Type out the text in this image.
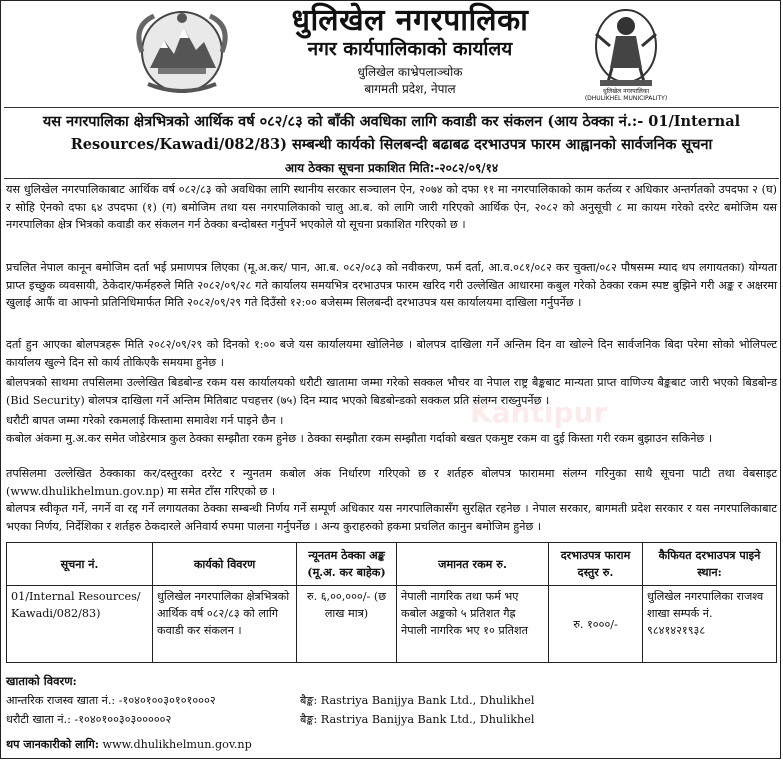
धुलिखेल नगरपालिका
नगर कार्यपालिकाको कार्यालय
धुलिखेल काभ्रेपलाञ्चोक
बागमती प्रदेश, नेपाल	धुलिखेल नगरपालिका
(DHULIKHEL MUNICIPALITY)
यस नगरपालिका क्षेत्रभित्रको आर्थिक वर्ष ०८२/८३ को बाँकी अवधिका लागि कवाडी कर संकलन (आय ठेक्का नं.:- 01/Internal Resources/Kawadi/082/83) सम्बन्धी कार्यको सिलबन्दी बढाबढ दरभाउपत्र फारम आह्वानको सार्वजनिक सूचना
आय ठेक्का सूचना प्रकाशित मिति:-२०८२/०९/१४
Kantipur
यस धुलिखेल नगरपालिकाबाट आर्थिक वर्ष ०८२/८३ को अवधिका लागि स्थानीय सरकार सञ्चालन ऐन, २०७४ को दफा ११ मा नगरपालिकाको काम कर्तव्य र अधिकार अन्तर्गतको उपदफा २ (घ) र सोहि ऐनको दफा ६४ उपदफा (१) (ग) बमोजिम तथा यस नगरपालिकाको चालु आ.ब. को लागि जारी गरिएको आर्थिक ऐन, २०८२ को अनुसूची ८ मा कायम गरेको दररेट बमोजिम यस नगरपालिका क्षेत्र भित्रको कवाडी कर संकलन गर्न ठेक्का बन्दोबस्त गर्नुपर्ने भएकोले यो सूचना प्रकाशित गरिएको छ ।
प्रचलित नेपाल कानून बमोजिम दर्ता भई प्रमाणपत्र लिएका (मू.अ.कर/ पान, आ.ब. ०८२/०८३ को नवीकरण, फर्म दर्ता, आ.व.०८१/०८२ कर चुक्ता/०८२ पौषसम्म म्याद थप लगायतका) योग्यता प्राप्त इच्छुक व्यवसायी, ठेकेदार/फर्महरुले मिति २०८२/०९/२८ गते कार्यालय समयभित्र दरभाउपत्र फारम खरिद गरी उल्लेखित आधारमा कबुल गरेको ठेक्का रकम स्पष्ट बुझिने गरी अङ्क र अक्षरमा खुलाई आफैं वा आफ्नो प्रतिनिधिमार्फत मिति २०८२/०९/२९ गते दिउँसो १२:०० बजेसम्म सिलबन्दी दरभाउपत्र यस कार्यालयमा दाखिला गर्नुपर्नेछ ।
दर्ता हुन आएका बोलपत्रहरू मिति २०८२/०९/२९ को दिनको १:०० बजे यस कार्यालयमा खोलिनेछ । बोलपत्र दाखिला गर्ने अन्तिम दिन वा खोल्ने दिन सार्वजनिक बिदा परेमा सोको भोलिपल्ट कार्यालय खुल्ने दिन सो कार्य तोकिएकै समयमा हुनेछ ।
बोलपत्रको साथमा तपसिलमा उल्लेखित बिडबोन्ड रकम यस कार्यालयको धरौटी खातामा जम्मा गरेको सक्कल भौचर वा नेपाल राष्ट्र बैङ्कबाट मान्यता प्राप्त वाणिज्य बैङ्कबाट जारी भएको बिडबोन्ड (Bid Security) बोलपत्र दाखिला गर्ने अन्तिम मितिबाट पचहत्तर (७५) दिन म्याद भएको बिडबोन्डको सक्कल प्रति संलग्न राख्नुपर्नेछ ।
धरौटी बापत जम्मा गरेको रकमलाई किस्तामा समावेश गर्न पाइने छैन ।
कबोल अंकमा मु.अ.कर समेत जोडेरमात्र कुल ठेक्का सम्झौता रकम हुनेछ । ठेक्का सम्झौता रकम सम्झौता गर्दाको बखत एकमुष्ट रकम वा दुई किस्ता गरी रकम बुझाउन सकिनेछ ।
तपसिलमा उल्लेखित ठेक्काका कर/दस्तुरका दररेट र न्युनतम कबोल अंक निर्धारण गरिएको छ र शर्तहरु बोलपत्र फाराममा संलग्न गरिनुका साथै सूचना पाटी तथा वेबसाइट (www.dhulikhelmun.gov.np) मा समेत टाँस गरिएको छ ।
बोलपत्र स्वीकृत गर्ने, नगर्ने वा रद्द गर्ने लगायतका ठेक्का सम्बन्धी निर्णय गर्ने सम्पूर्ण अधिकार यस नगरपालिकासँग सुरक्षित रहनेछ । नेपाल सरकार, बागमती प्रदेश सरकार र यस नगरपालिकाबाट भएका निर्णय, निर्देशिका र शर्तहरु ठेकदारले अनिवार्य रुपमा पालना गर्नुपर्नेछ । अन्य कुराहरुको हकमा प्रचलित कानुन बमोजिम हुनेछ ।
सूचना नं.	कार्यको विवरण	न्यूनतम ठेक्का अङ्क (मू.अ. कर बाहेक)	जमानत रकम रु.	दरभाउपत्र फाराम दस्तुर रु.	कैफियत दरभाउपत्र पाइने स्थान:
01/Internal Resources/ Kawadi/082/83)	धुलिखेल नगरपालिका क्षेत्रभित्रको आर्थिक वर्ष ०८२/८३ को लागि कवाडी कर संकलन ।	रु. ६,००,०००/- (छ लाख मात्र)	नेपाली नागरिक तथा फर्म भए कबोल अङ्कको ५ प्रतिशत गैह्र नेपाली नागरिक भए १० प्रतिशत	रु. १०००/-	धुलिखेल नगरपालिका राजश्व शाखा सम्पर्क नं. ९८४१४२१९३८
खाताको विवरण:
आन्तरिक राजस्व खाता नं.: -१०४०१००३०१०१०००२	बैङ्क: Rastriya Banijya Bank Ltd., Dhulikhel
धरौटी खाता नं.: -१०४०१००३०३०००००२	बैङ्क: Rastriya Banijya Bank Ltd., Dhulikhel
थप जानकारीको लागि: www.dhulikhelmun.gov.np
